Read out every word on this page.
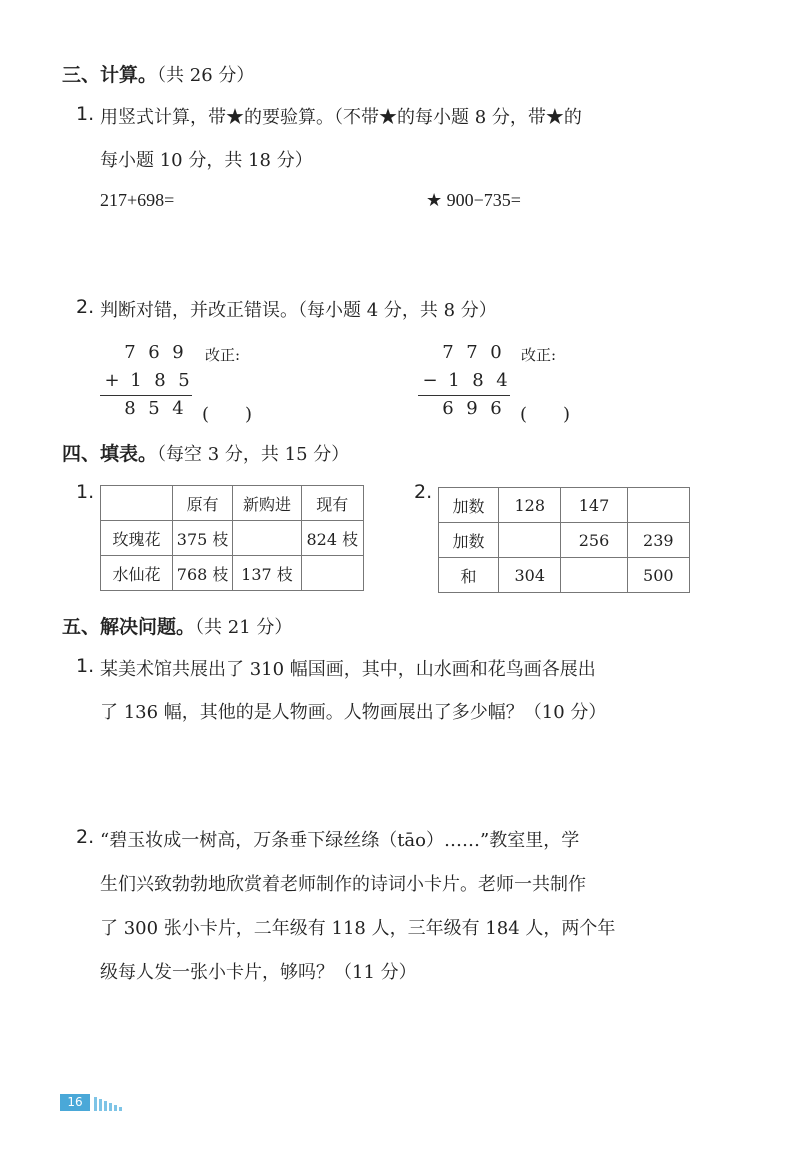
三、计算。（共 26 分）
1. 用竖式计算，带★的要验算。（不带★的每小题 8 分，带★的
每小题 10 分，共 18 分）
217+698=	★ 900−735=
2. 判断对错，并改正错误。（每小题 4 分，共 8 分）
7 6 9	改正:
+ 1 8 5
8 5 4	(　　)
7 7 0	改正:
− 1 8 4
6 9 6	(　　)
四、填表。（每空 3 分，共 15 分）
1.
	原有	新购进	现有
玫瑰花	375 枝		824 枝
水仙花	768 枝	137 枝	
2.
加数	128	147	
加数		256	239
和	304		500
五、解决问题。（共 21 分）
1. 某美术馆共展出了 310 幅国画，其中，山水画和花鸟画各展出
了 136 幅，其他的是人物画。人物画展出了多少幅？（10 分）
2. “碧玉妆成一树高，万条垂下绿丝绦（tāo）……”教室里，学
生们兴致勃勃地欣赏着老师制作的诗词小卡片。老师一共制作
了 300 张小卡片，二年级有 118 人，三年级有 184 人，两个年
级每人发一张小卡片，够吗？（11 分）
16
